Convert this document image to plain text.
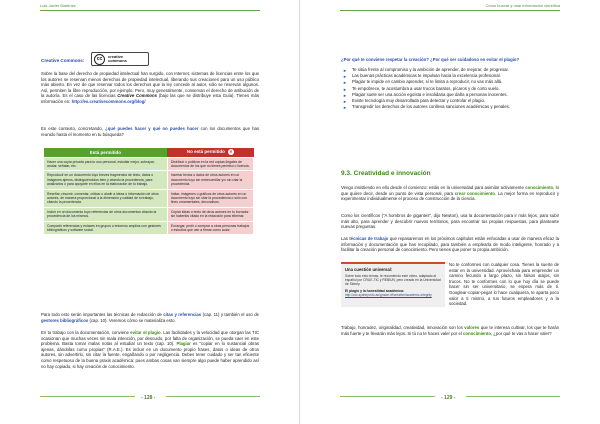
Luis Javier Martínez
Creative Commons:	cc	creative
commons

Sobre la base del derecho de propiedad intelectual han surgido, con Internet, sistemas de licencias entre los que los autores se reservan menos derechos de propiedad intelectual, liberando sus creaciones para un uso público más abierto. En vez de que reservar todos los derechos que la ley concede al autor, sólo se reservan algunos. Así, permiten la libre reproducción, por ejemplo. Pero, muy generalmente, conservan el derecho de atribución de la autoría. Es el caso de las licencias Creative Commons (bajo las que se distribuye esta Guía). Tienes más información en: http://es.creativecommons.org/blog/

En este contexto, concretando, ¿qué puedes hacer y qué no puedes hacer con los documentos que has reunido hasta el momento en tu búsqueda?

Está permitido	No está permitido ✕
Hacer una copia privada para tu uso personal, estudiar mejor, subrayar, anotar, señalar, etc.	Distribuir o publicar en la red copias ilegales de documentos de los que no tienes permiso o licencia.
Reproducir en un documento tuyo breves fragmentos de texto, datos o imágenes ajenos, distinguiéndolos bien y citando la procedencia, para analizarlos o para apoyarte en ellos en la elaboración de tu trabajo.	Insertar textos o datos de otros autores en un documento tuyo sin entrecomillar y/o sin citar la procedencia.
Reseñar, resumir, comentar, criticar o aludir a ideas o información de otros autores, de manera proporcional a la dimensión y calidad de tu trabajo, citando la procedencia.	Imitar, imágenes o gráficos de otros autores en un documento tuyo sin citar la procedencia o sólo con fines ornamentales, decorativos.
Incluir en un documento tuyo referencias de otros documentos citando la procedencia de los mismos.	Copiar ideas o texto de otros autores en tu borrador sin haberlos citado en la redacción para eliminar.
Compartir referencias y enlaces en grupos o entornos amplios con gestores bibliográficos y software social.	Encargar, pedir o comprar a otras personas trabajos o estudios que van a firmar como autor.

Para todo esto serán importantes las técnicas de redacción de citas y referencias (cap. 11) y también el uso de gestores bibliográficos (cap. 10). Veremos cómo se materializa esto.

En tu trabajo con la documentación, conviene evitar el plagio. Las facilidades y la velocidad que otorgan las TIC ocasionan que muchas veces sin mala intención, por descuido, por falta de organización, se pueda caer en este problema. Basta tomar malas notas al estudiar un texto (cap. 10). Plagiar es "copiar en lo sustancial obras ajenas, dándolas como propias" (R.A.E.). Es incluir en un documento propio frases, datos o ideas de otros autores, sin advertirlo, sin citar la fuente, engañando o por negligencia. Debes tener cuidado y ser tan eficiente como respetuoso de la buena praxis académica: pues ambas cosas van siempre algo puede haber aprendido así no hay copiado, si hay creación de conocimiento.

- 128 -
Cómo buscar y usar información científica

¿Por qué te conviene respetar la creación? ¿Por qué ser cuidadoso en evitar el plagio?

► Te sitúa frente al compromiso y la ambición de aprender, de mejorar, de progresar.
► Las buenas prácticas académicas te impulsan hacia la excelencia profesional.
► Plagiar te impide en cambio aprender, sí te limita a reproducir, no vas más allá.
► Te empobrece, te acostumbra a usar trucos baratos, pícaros y de corto vuelo.
► Plagiar suele ser una acción egoísta e insolidaria que daña a personas inocentes.
► Existe tecnología muy desarrollada para detectar y controlar el plagio.
► Transgredir los derechos de los autores conlleva sanciones académicas y penales.
9.3. Creatividad e innovación

Vengo insistiendo en ello desde el comienzo: estás en la universidad para asimilar activamente conocimiento, lo que quiere decir, desde un punto de vista personal, para crear conocimiento. La mejor forma es reproducir y experimentar individualmente el proceso de construcción de la ciencia.

Como los científicos ("A hombros de gigantes", dijo Newton), usa la documentación para ir más lejos, para subir más alto, para aprender y descubrir nuevos territorios, para encontrar tus propias respuestas, para plantearte nuevas preguntas.

Las técnicas de trabajo que repasaremos en los próximos capítulos están enfocadas a usar de manera eficaz la información y documentación que has recopilado, para también a emplearla de modo inteligente, honrado y a facilitar la creación personal de conocimiento. Pero tienes que poner tu propia ambición.

Una cuestión universal:
Sobre todo esto temas, te recomiendo este vídeo, adaptado al español por CRUE-TIC y REBIUN, pero creado en la Universidad de Sidney.
El plagio y la honestidad académica:
http://ccc.sydney.edu.au/gnswn.rtf/creative/academic-integrity

No te conformes con cualquier cosa. Tienes la suerte de estar en la universidad. Aprovéchala para emprender un camino fecundo a largo plazo, sin falsos atajos, sin trucos. No te conformes con lo que hoy día se puede hacer sin ser universitario, se espera más de ti. Googlear-copiar-pegar lo hace cualquiera, te aparta poco valor a ti mismo, a tus futuros empleadores y a la sociedad.

Trabajo, honradez, originalidad, creatividad, innovación son los valores que te interesa cultivar, los que te harán más fuerte y te llevarán más lejos. Si tú no te haces valer por el conocimiento, ¿por qué te vas a hacer valer?

- 129 -
